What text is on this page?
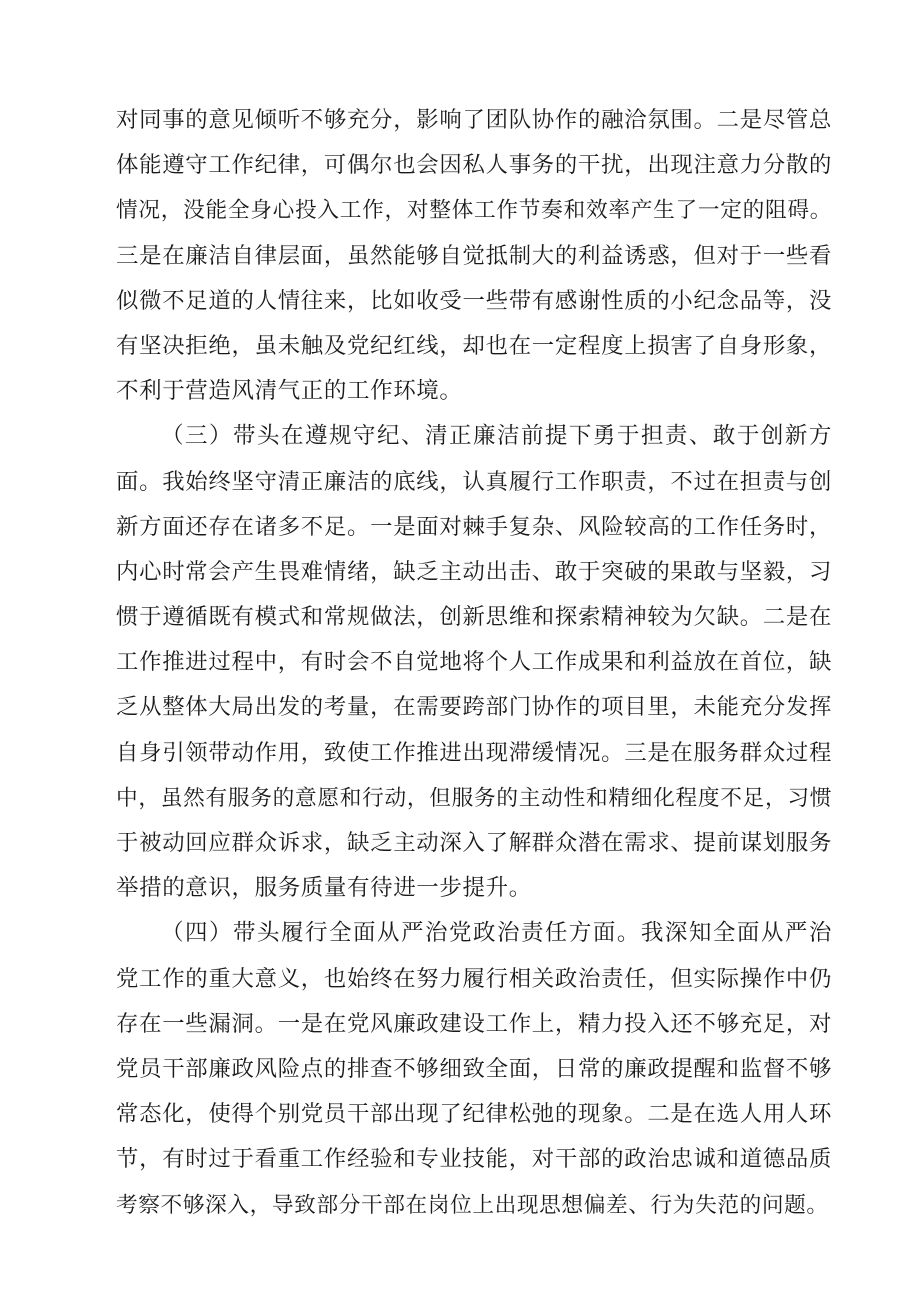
对同事的意见倾听不够充分，影响了团队协作的融洽氛围。二是尽管总
体能遵守工作纪律，可偶尔也会因私人事务的干扰，出现注意力分散的
情况，没能全身心投入工作，对整体工作节奏和效率产生了一定的阻碍。
三是在廉洁自律层面，虽然能够自觉抵制大的利益诱惑，但对于一些看
似微不足道的人情往来，比如收受一些带有感谢性质的小纪念品等，没
有坚决拒绝，虽未触及党纪红线，却也在一定程度上损害了自身形象，
不利于营造风清气正的工作环境。
（三）带头在遵规守纪、清正廉洁前提下勇于担责、敢于创新方
面。我始终坚守清正廉洁的底线，认真履行工作职责，不过在担责与创
新方面还存在诸多不足。一是面对棘手复杂、风险较高的工作任务时，
内心时常会产生畏难情绪，缺乏主动出击、敢于突破的果敢与坚毅，习
惯于遵循既有模式和常规做法，创新思维和探索精神较为欠缺。二是在
工作推进过程中，有时会不自觉地将个人工作成果和利益放在首位，缺
乏从整体大局出发的考量，在需要跨部门协作的项目里，未能充分发挥
自身引领带动作用，致使工作推进出现滞缓情况。三是在服务群众过程
中，虽然有服务的意愿和行动，但服务的主动性和精细化程度不足，习惯
于被动回应群众诉求，缺乏主动深入了解群众潜在需求、提前谋划服务
举措的意识，服务质量有待进一步提升。
（四）带头履行全面从严治党政治责任方面。我深知全面从严治
党工作的重大意义，也始终在努力履行相关政治责任，但实际操作中仍
存在一些漏洞。一是在党风廉政建设工作上，精力投入还不够充足，对
党员干部廉政风险点的排查不够细致全面，日常的廉政提醒和监督不够
常态化，使得个别党员干部出现了纪律松弛的现象。二是在选人用人环
节，有时过于看重工作经验和专业技能，对干部的政治忠诚和道德品质
考察不够深入，导致部分干部在岗位上出现思想偏差、行为失范的问题。
